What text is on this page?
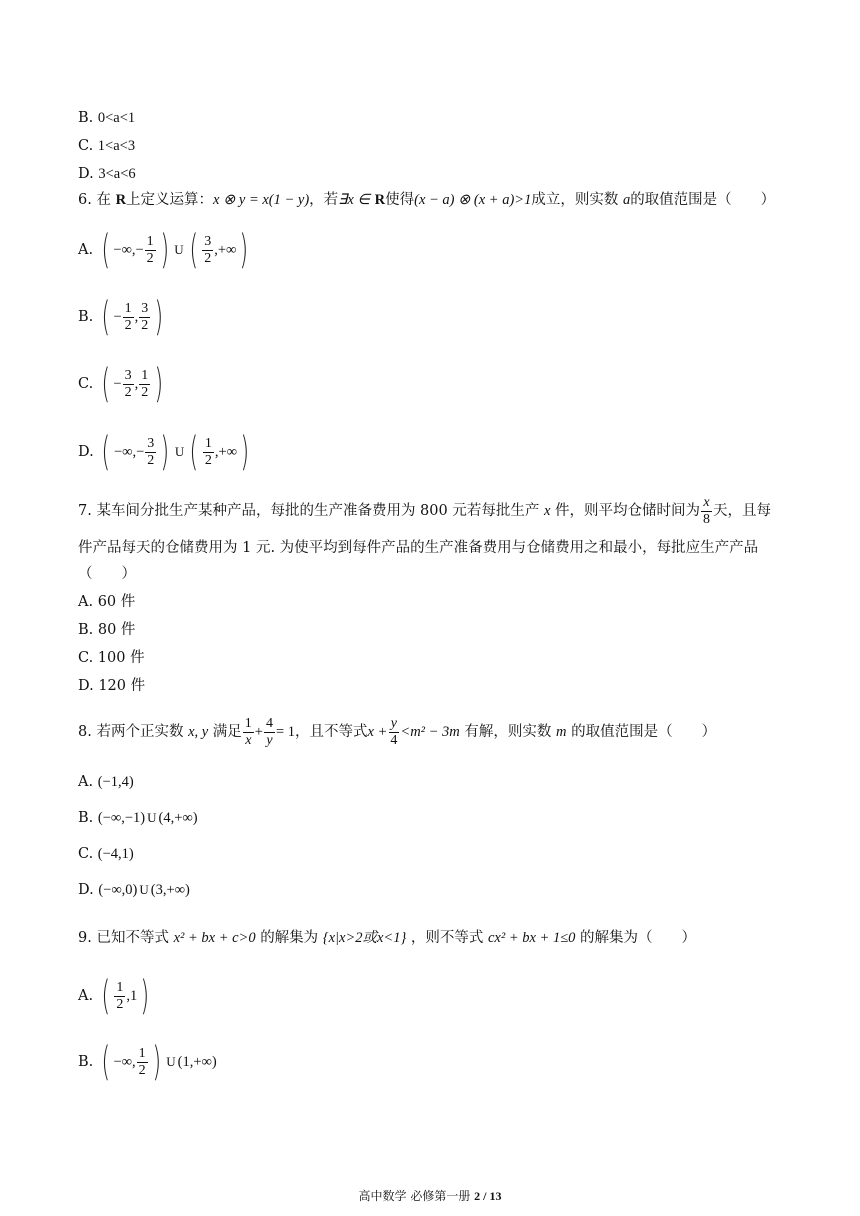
B. 0<a<1
C. 1<a<3
D. 3<a<6
6. 在 R上定义运算：x ⊗ y = x(1 − y)，若∃x ∈ R使得(x − a) ⊗ (x + a)>1成立，则实数 a的取值范围是（　　）
A. ( −∞,− $\frac{1}{2}$ ) U ( $\frac{3}{2}$ ,+∞)
B. ( − $\frac{1}{2}$ , $\frac{3}{2}$ )
C. ( − $\frac{3}{2}$ , $\frac{1}{2}$ )
D. ( −∞,− $\frac{3}{2}$ ) U ( $\frac{1}{2}$ ,+∞)
7. 某车间分批生产某种产品，每批的生产准备费用为 800 元若每批生产 x 件，则平均仓储时间为 $\frac{x}{8}$ 天，且每
件产品每天的仓储费用为 1 元. 为使平均到每件产品的生产准备费用与仓储费用之和最小，每批应生产产品
（　　）
A. 60 件
B. 80 件
C. 100 件
D. 120 件
8. 若两个正实数 x, y 满足 $\frac{1}{x} + \frac{4}{y} = 1$，且不等式$x + \frac{y}{4} <m^2 - 3m$ 有解，则实数 m 的取值范围是（　　）
A. (−1,4)
B. (−∞,−1) U (4,+∞)
C. (−4,1)
D. (−∞,0) U (3,+∞)
9. 已知不等式 x² + bx + c>0 的解集为 {x|x>2或x<1} ，则不等式 cx² + bx + 1≤0 的解集为（　　）
A. ( $\frac{1}{2} ,1$)
B. ( −∞, $\frac{1}{2}$ ) U (1,+∞)
高中数学 必修第一册 2 / 13
